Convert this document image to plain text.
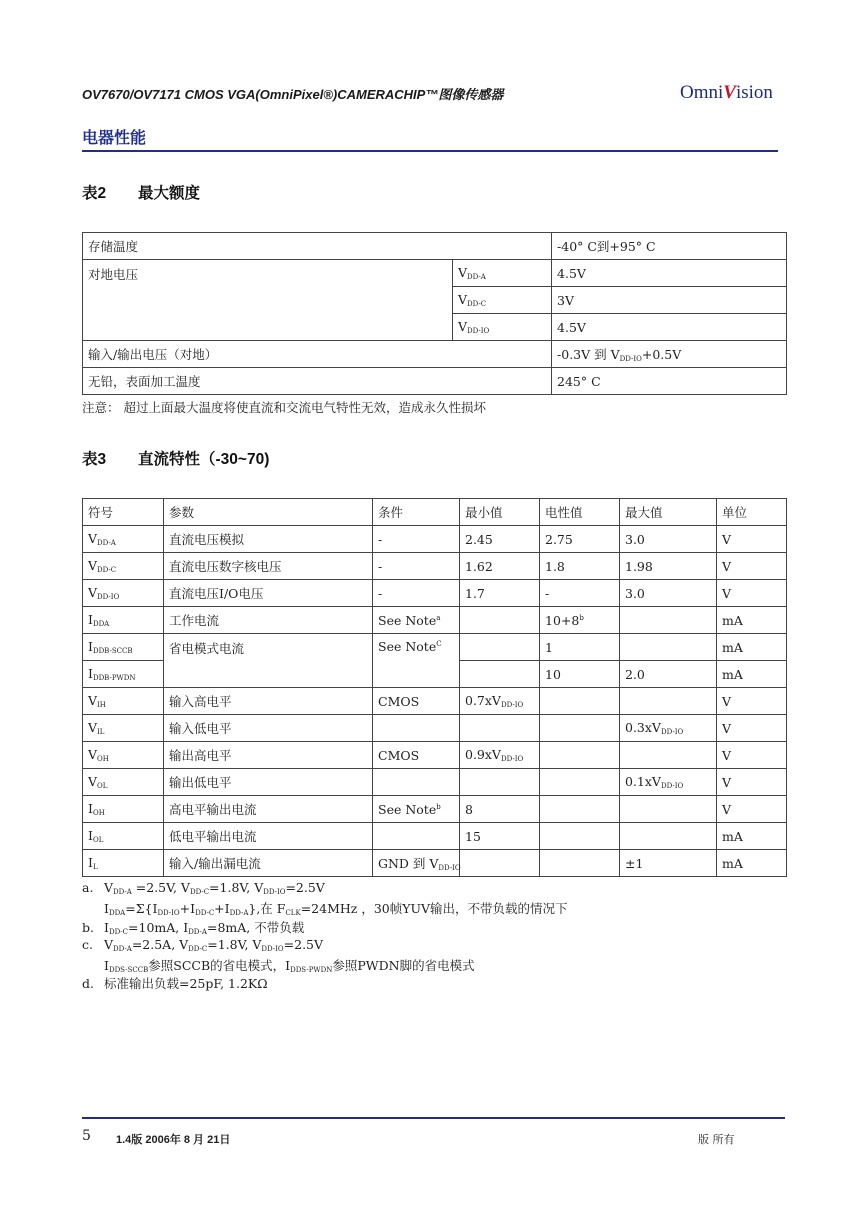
OV7670/OV7171 CMOS VGA(OmniPixel®)CAMERACHIP™图像传感器	OmniVision
电器性能
表2 最大额度
存储温度		-40° C到+95° C
对地电压	$V_{DD-A}$	4.5V
	$V_{DD-C}$	3V
	$V_{DD-IO}$	4.5V
输入/输出电压（对地）		-0.3V 到 $V_{DD-IO}+0.5V$
无铅，表面加工温度		245° C
注意： 超过上面最大温度将使直流和交流电气特性无效，造成永久性损坏
表3 直流特性（-30~70)
符号	参数	条件	最小值	电性值	最大值	单位
$V_{DD-A}$	直流电压模拟	-	2.45	2.75	3.0	V
$V_{DD-C}$	直流电压数字核电压	-	1.62	1.8	1.98	V
$V_{DD-IO}$	直流电压I/O电压	-	1.7	-	3.0	V
$I_{DDA}$	工作电流	See Note$^a$		$10+8^b$		mA
$I_{DDB-SCCB}$	省电模式电流	See Note$^C$		1		mA
$I_{DDB-PWDN}$				10	2.0	mA
$V_{IH}$	输入高电平	CMOS	$0.7xV_{DD-IO}$			V
$V_{IL}$	输入低电平				$0.3xV_{DD-IO}$	V
$V_{OH}$	输出高电平	CMOS	$0.9xV_{DD-IO}$			V
$V_{OL}$	输出低电平				$0.1xV_{DD-IO}$	V
$I_{OH}$	高电平输出电流	See Note$^b$	8			V
$I_{OL}$	低电平输出电流		15			mA
$I_L$	输入/输出漏电流	GND 到 $V_{DD-IO}$			±1	mA
a. $V_{DD-A} =2.5V$, $V_{DD-C}=1.8V$, $V_{DD-IO}=2.5V$
$I_{DDA}=\Sigma\{I_{DD-IO}+I_{DD-C}+I_{DD-A}\}$,在 $F_{CLK}=24MHz$ ，30帧YUV输出，不带负载的情况下
b. $I_{DD-C}=10mA$, $I_{DD-A}=8mA$, 不带负载
c. $V_{DD-A}=2.5A$, $V_{DD-C}=1.8V$, $V_{DD-IO}=2.5V$
$I_{DDS-SCCB}$参照SCCB的省电模式，$I_{DDS-PWDN}$参照PWDN脚的省电模式
d. 标准输出负载=25pF, 1.2KΩ
5 1.4版 2006年 8 月 21日	版 所有
